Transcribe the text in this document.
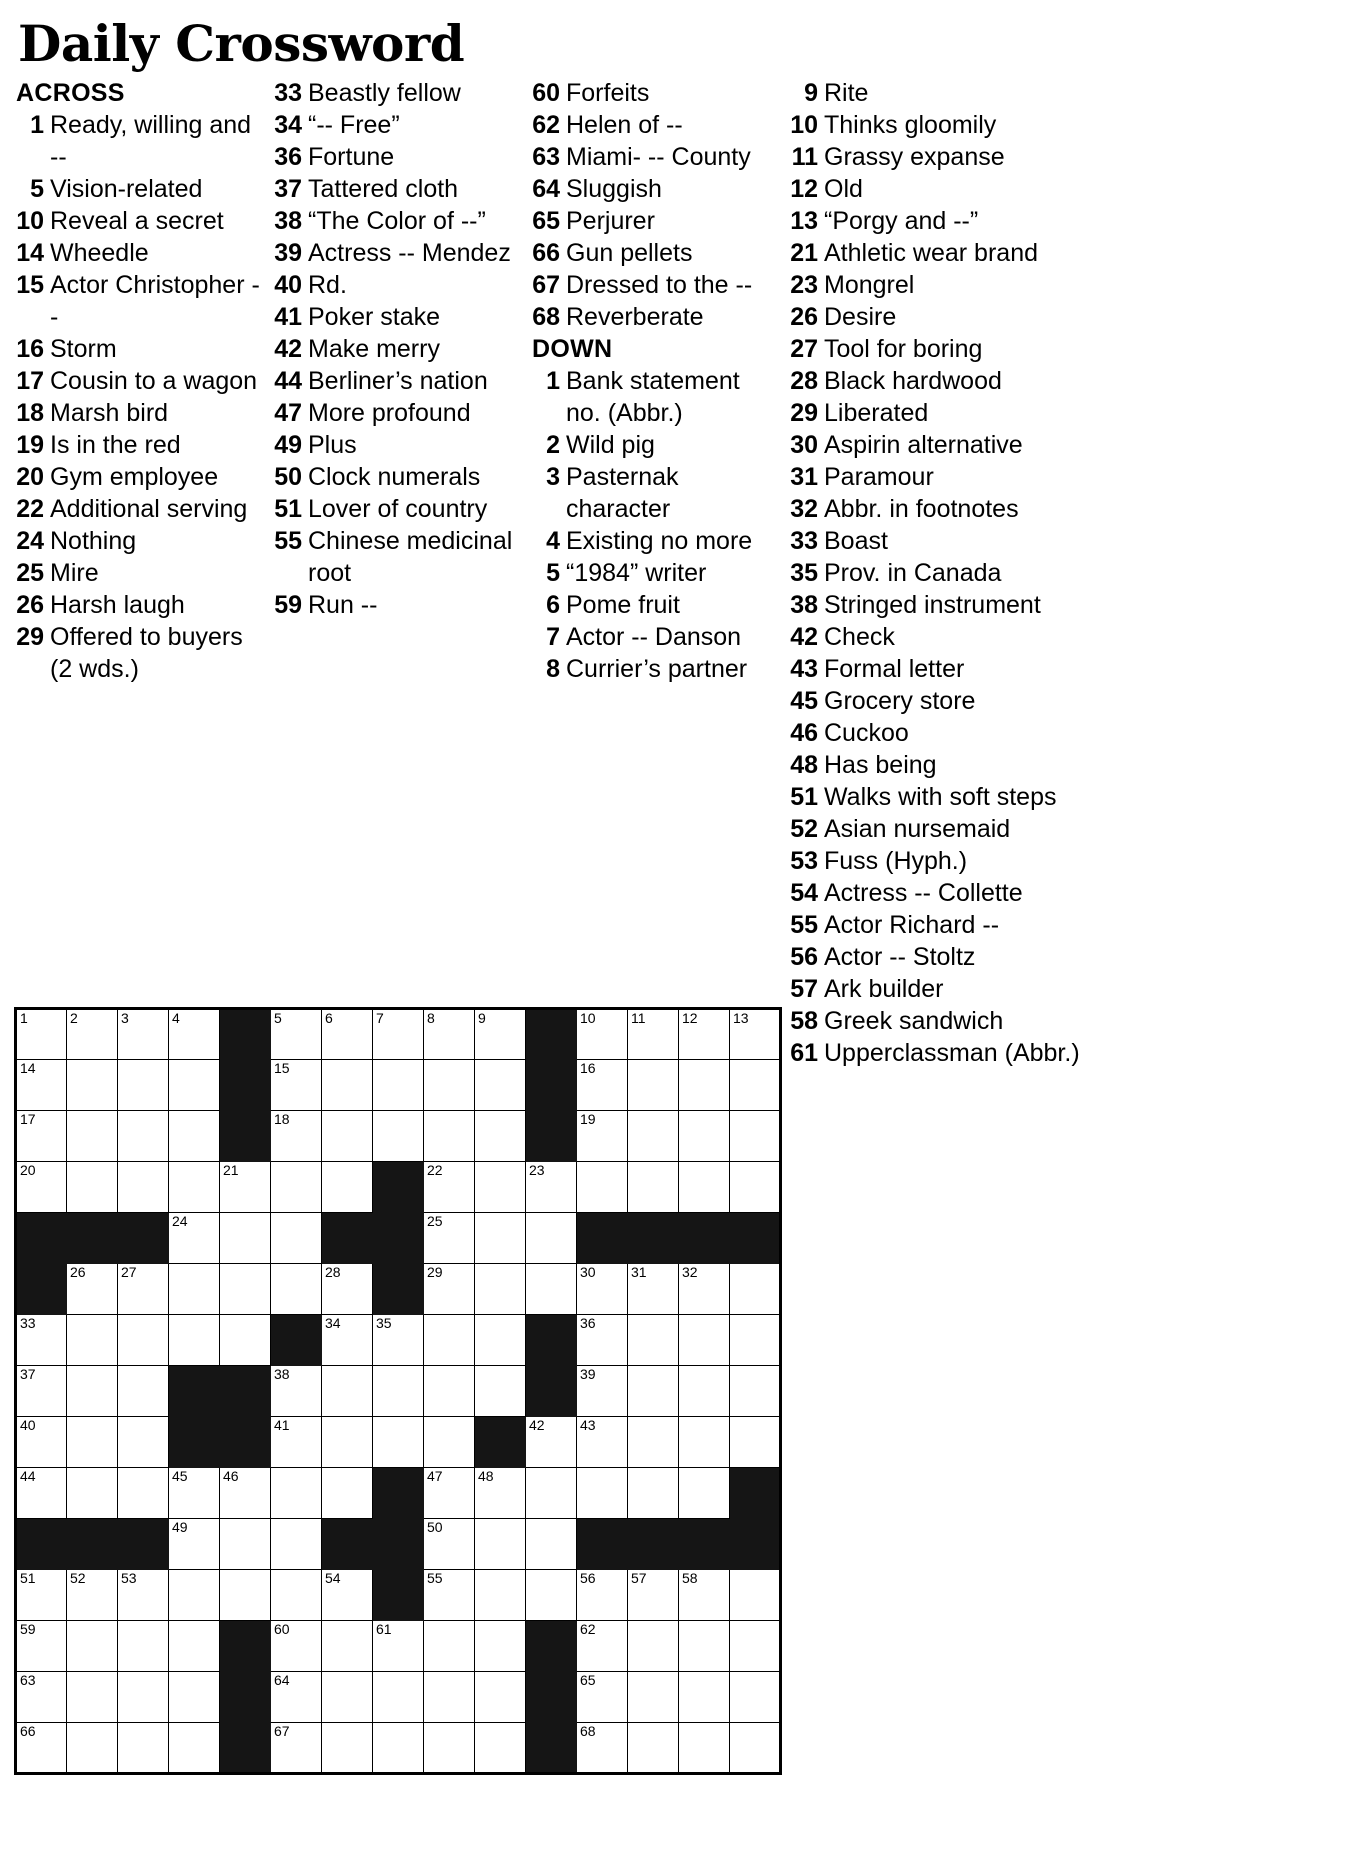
Daily Crossword
ACROSS
1 Ready, willing and --
5 Vision-related
10 Reveal a secret
14 Wheedle
15 Actor Christopher --
16 Storm
17 Cousin to a wagon
18 Marsh bird
19 Is in the red
20 Gym employee
22 Additional serving
24 Nothing
25 Mire
26 Harsh laugh
29 Offered to buyers (2 wds.)
33 Beastly fellow
34 “-- Free”
36 Fortune
37 Tattered cloth
38 “The Color of --”
39 Actress -- Mendez
40 Rd.
41 Poker stake
42 Make merry
44 Berliner’s nation
47 More profound
49 Plus
50 Clock numerals
51 Lover of country
55 Chinese medicinal root
59 Run --
60 Forfeits
62 Helen of --
63 Miami- -- County
64 Sluggish
65 Perjurer
66 Gun pellets
67 Dressed to the --
68 Reverberate
DOWN
1 Bank statement no. (Abbr.)
2 Wild pig
3 Pasternak character
4 Existing no more
5 “1984” writer
6 Pome fruit
7 Actor -- Danson
8 Currier’s partner
9 Rite
10 Thinks gloomily
11 Grassy expanse
12 Old
13 “Porgy and --”
21 Athletic wear brand
23 Mongrel
26 Desire
27 Tool for boring
28 Black hardwood
29 Liberated
30 Aspirin alternative
31 Paramour
32 Abbr. in footnotes
33 Boast
35 Prov. in Canada
38 Stringed instrument
42 Check
43 Formal letter
45 Grocery store
46 Cuckoo
48 Has being
51 Walks with soft steps
52 Asian nursemaid
53 Fuss (Hyph.)
54 Actress -- Collette
55 Actor Richard --
56 Actor -- Stoltz
57 Ark builder
58 Greek sandwich
61 Upperclassman (Abbr.)
1	2	3	4		5	6	7	8	9		10	11	12	13

14					15						16			

17					18						19			

20				21				22		23				

			24					25						

	26	27				28		29			30	31	32	

33						34	35				36			

37					38						39			

40					41					42	43			

44			45	46				47	48					

			49					50						

51	52	53				54		55			56	57	58	

59					60		61				62			

63					64						65			

66					67						68			
